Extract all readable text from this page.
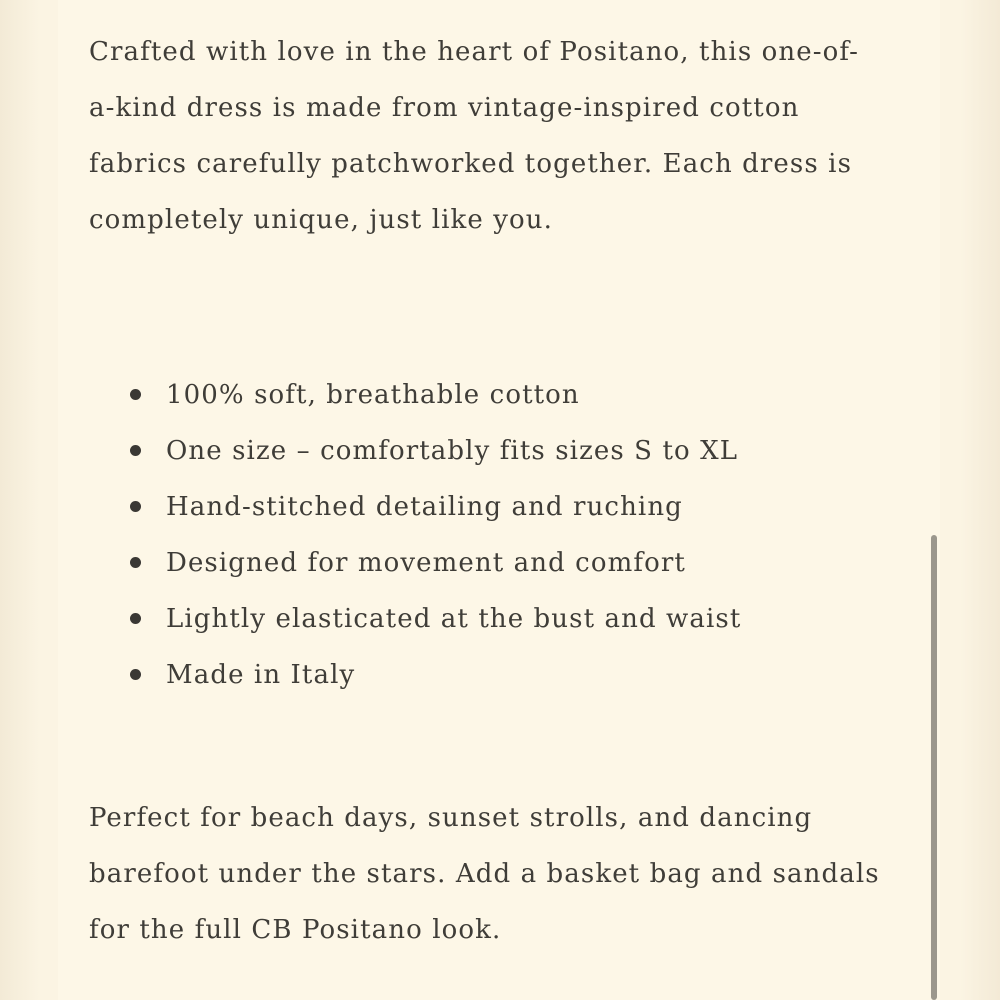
Crafted with love in the heart of Positano, this one-of-a-kind dress is made from vintage-inspired cotton fabrics carefully patchworked together. Each dress is completely unique, just like you.

100% soft, breathable cotton
One size – comfortably fits sizes S to XL
Hand-stitched detailing and ruching
Designed for movement and comfort
Lightly elasticated at the bust and waist
Made in Italy

Perfect for beach days, sunset strolls, and dancing barefoot under the stars. Add a basket bag and sandals for the full CB Positano look.
